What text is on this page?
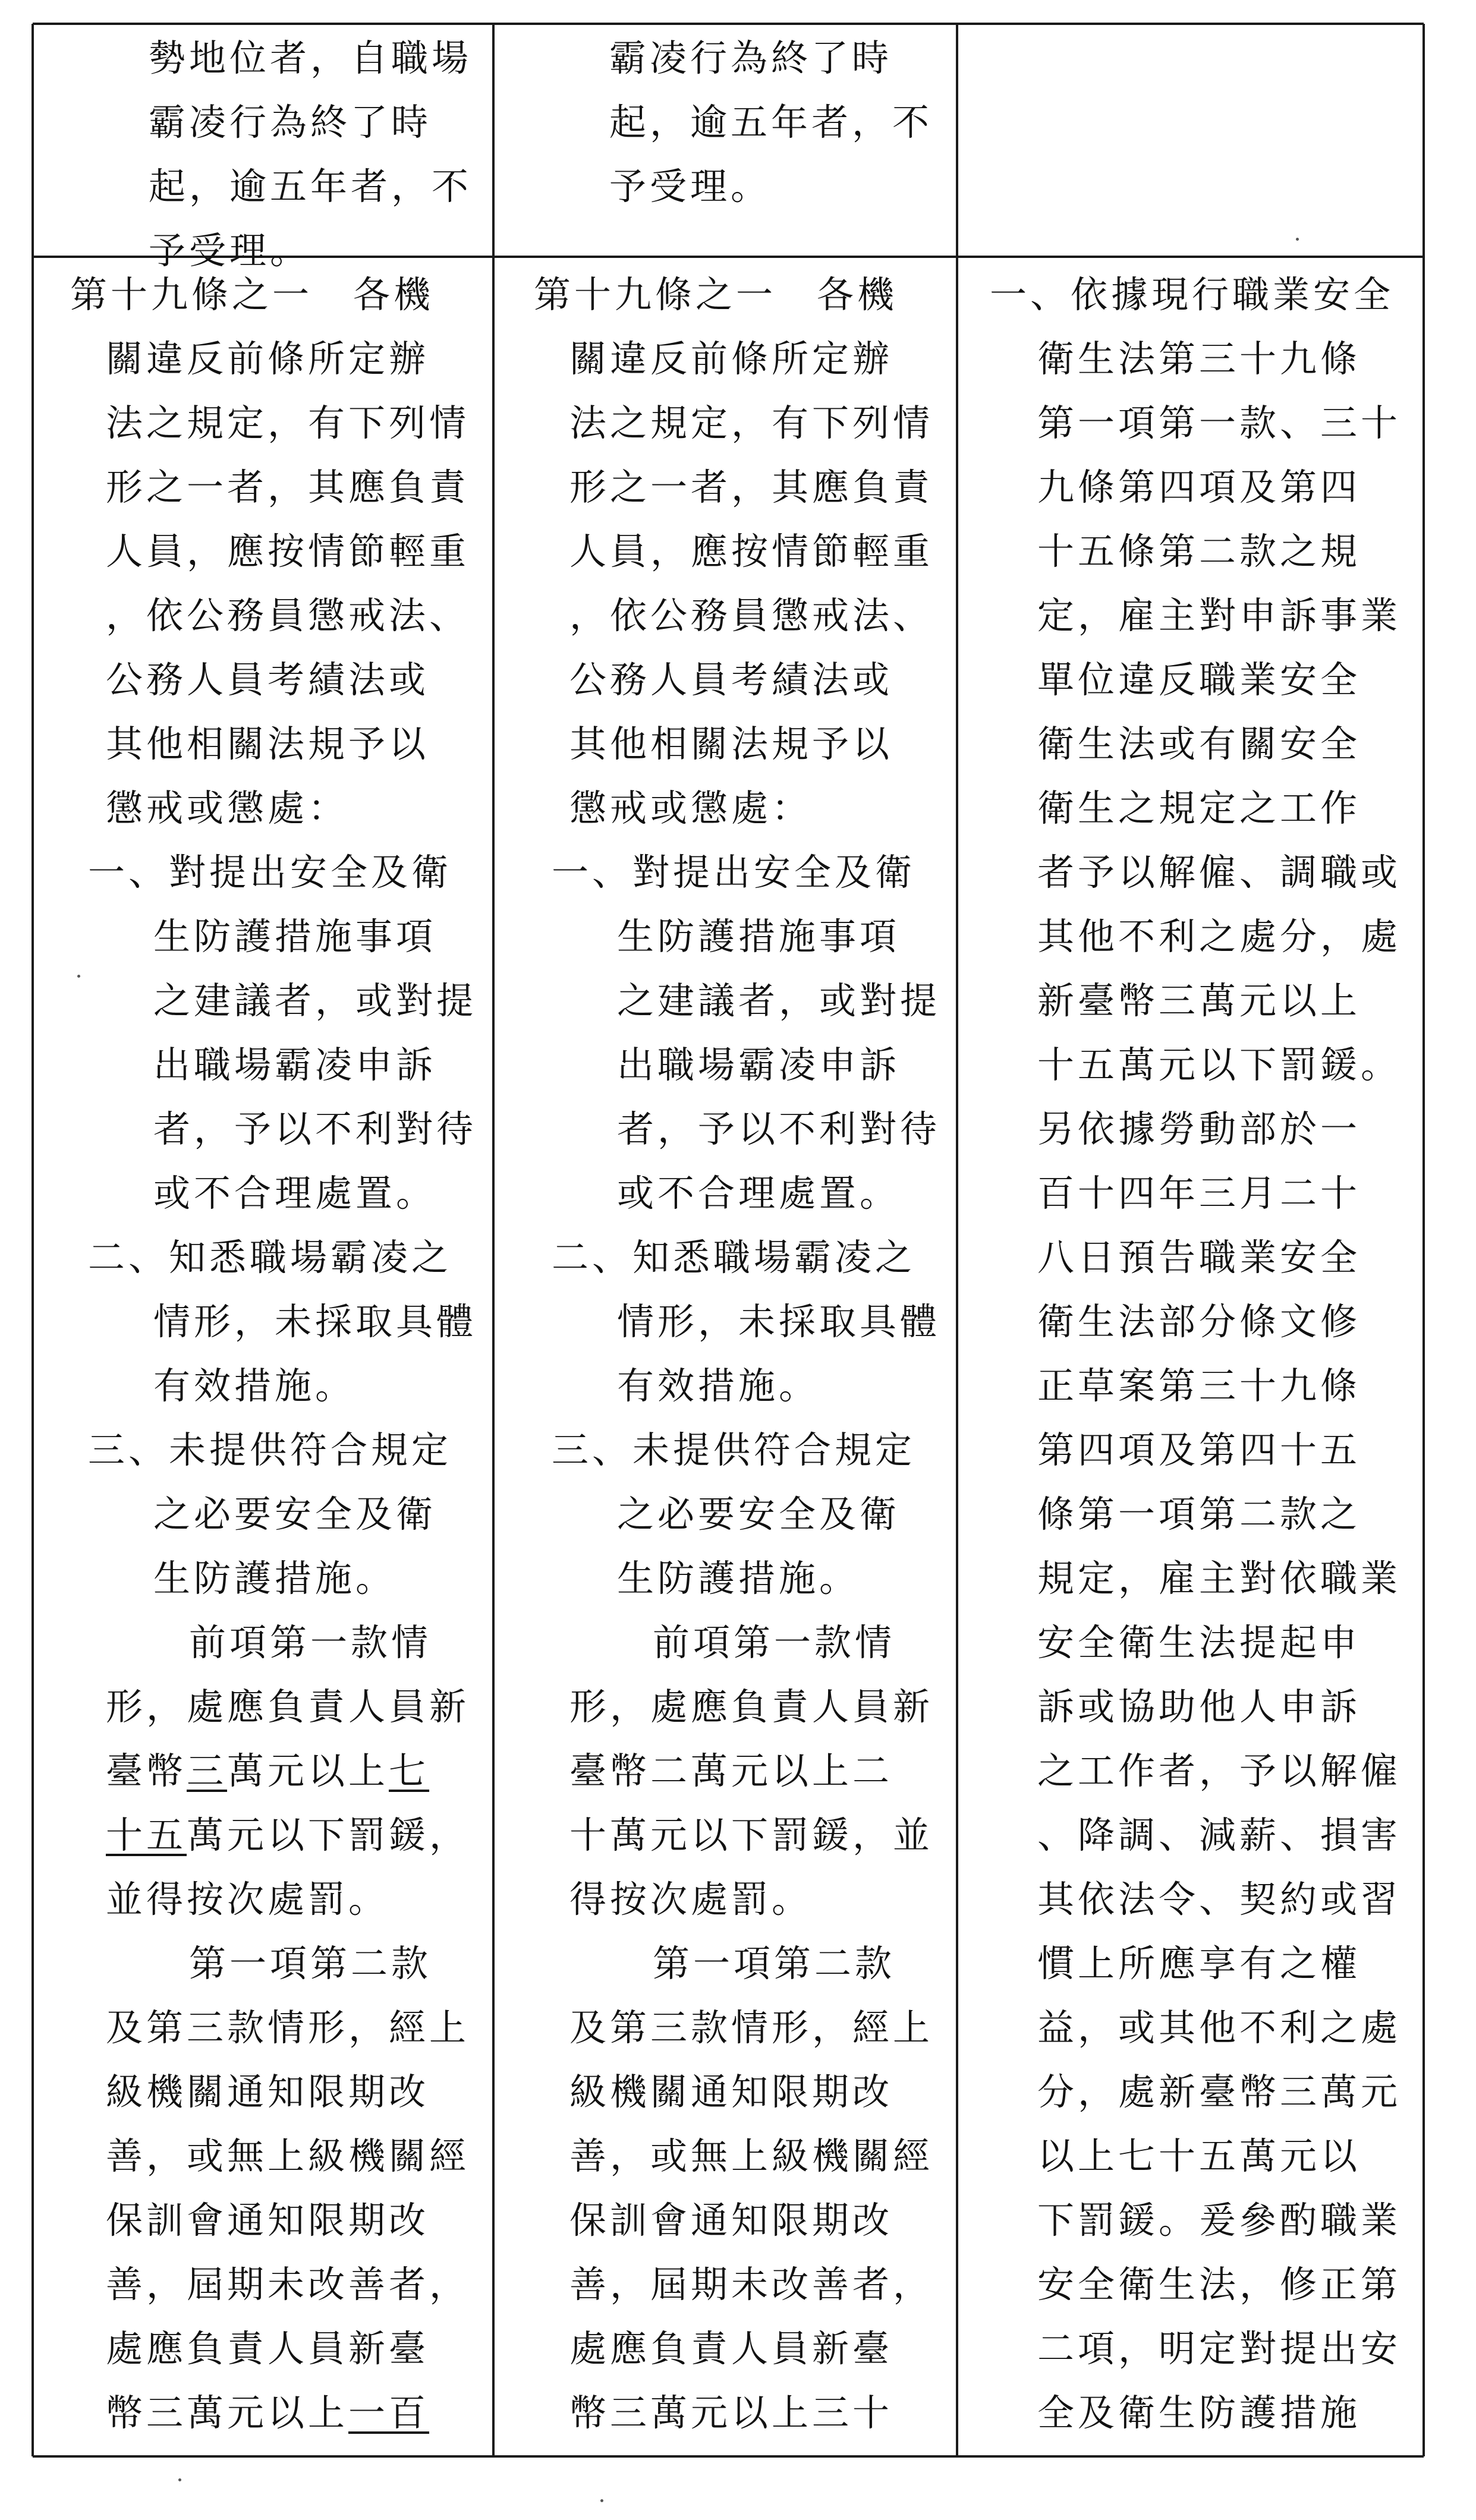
勢地位者，自職場
霸凌行為終了時
起，逾五年者，不
予受理。
霸凌行為終了時
起，逾五年者，不
予受理。
第十九條之一　各機
關違反前條所定辦
法之規定，有下列情
形之一者，其應負責
人員，應按情節輕重
，依公務員懲戒法、
公務人員考績法或
其他相關法規予以
懲戒或懲處：
一、對提出安全及衛
生防護措施事項
之建議者，或對提
出職場霸凌申訴
者，予以不利對待
或不合理處置。
二、知悉職場霸凌之
情形，未採取具體
有效措施。
三、未提供符合規定
之必要安全及衛
生防護措施。
前項第一款情
形，處應負責人員新
臺幣三萬元以上七
十五萬元以下罰鍰，
並得按次處罰。
第一項第二款
及第三款情形，經上
級機關通知限期改
善，或無上級機關經
保訓會通知限期改
善，屆期未改善者，
處應負責人員新臺
幣三萬元以上一百
第十九條之一　各機
關違反前條所定辦
法之規定，有下列情
形之一者，其應負責
人員，應按情節輕重
，依公務員懲戒法、
公務人員考績法或
其他相關法規予以
懲戒或懲處：
一、對提出安全及衛
生防護措施事項
之建議者，或對提
出職場霸凌申訴
者，予以不利對待
或不合理處置。
二、知悉職場霸凌之
情形，未採取具體
有效措施。
三、未提供符合規定
之必要安全及衛
生防護措施。
前項第一款情
形，處應負責人員新
臺幣二萬元以上二
十萬元以下罰鍰，並
得按次處罰。
第一項第二款
及第三款情形，經上
級機關通知限期改
善，或無上級機關經
保訓會通知限期改
善，屆期未改善者，
處應負責人員新臺
幣三萬元以上三十
一、依據現行職業安全
衛生法第三十九條
第一項第一款、三十
九條第四項及第四
十五條第二款之規
定，雇主對申訴事業
單位違反職業安全
衛生法或有關安全
衛生之規定之工作
者予以解僱、調職或
其他不利之處分，處
新臺幣三萬元以上
十五萬元以下罰鍰。
另依據勞動部於一
百十四年三月二十
八日預告職業安全
衛生法部分條文修
正草案第三十九條
第四項及第四十五
條第一項第二款之
規定，雇主對依職業
安全衛生法提起申
訴或協助他人申訴
之工作者，予以解僱
、降調、減薪、損害
其依法令、契約或習
慣上所應享有之權
益，或其他不利之處
分，處新臺幣三萬元
以上七十五萬元以
下罰鍰。爰參酌職業
安全衛生法，修正第
二項，明定對提出安
全及衛生防護措施
